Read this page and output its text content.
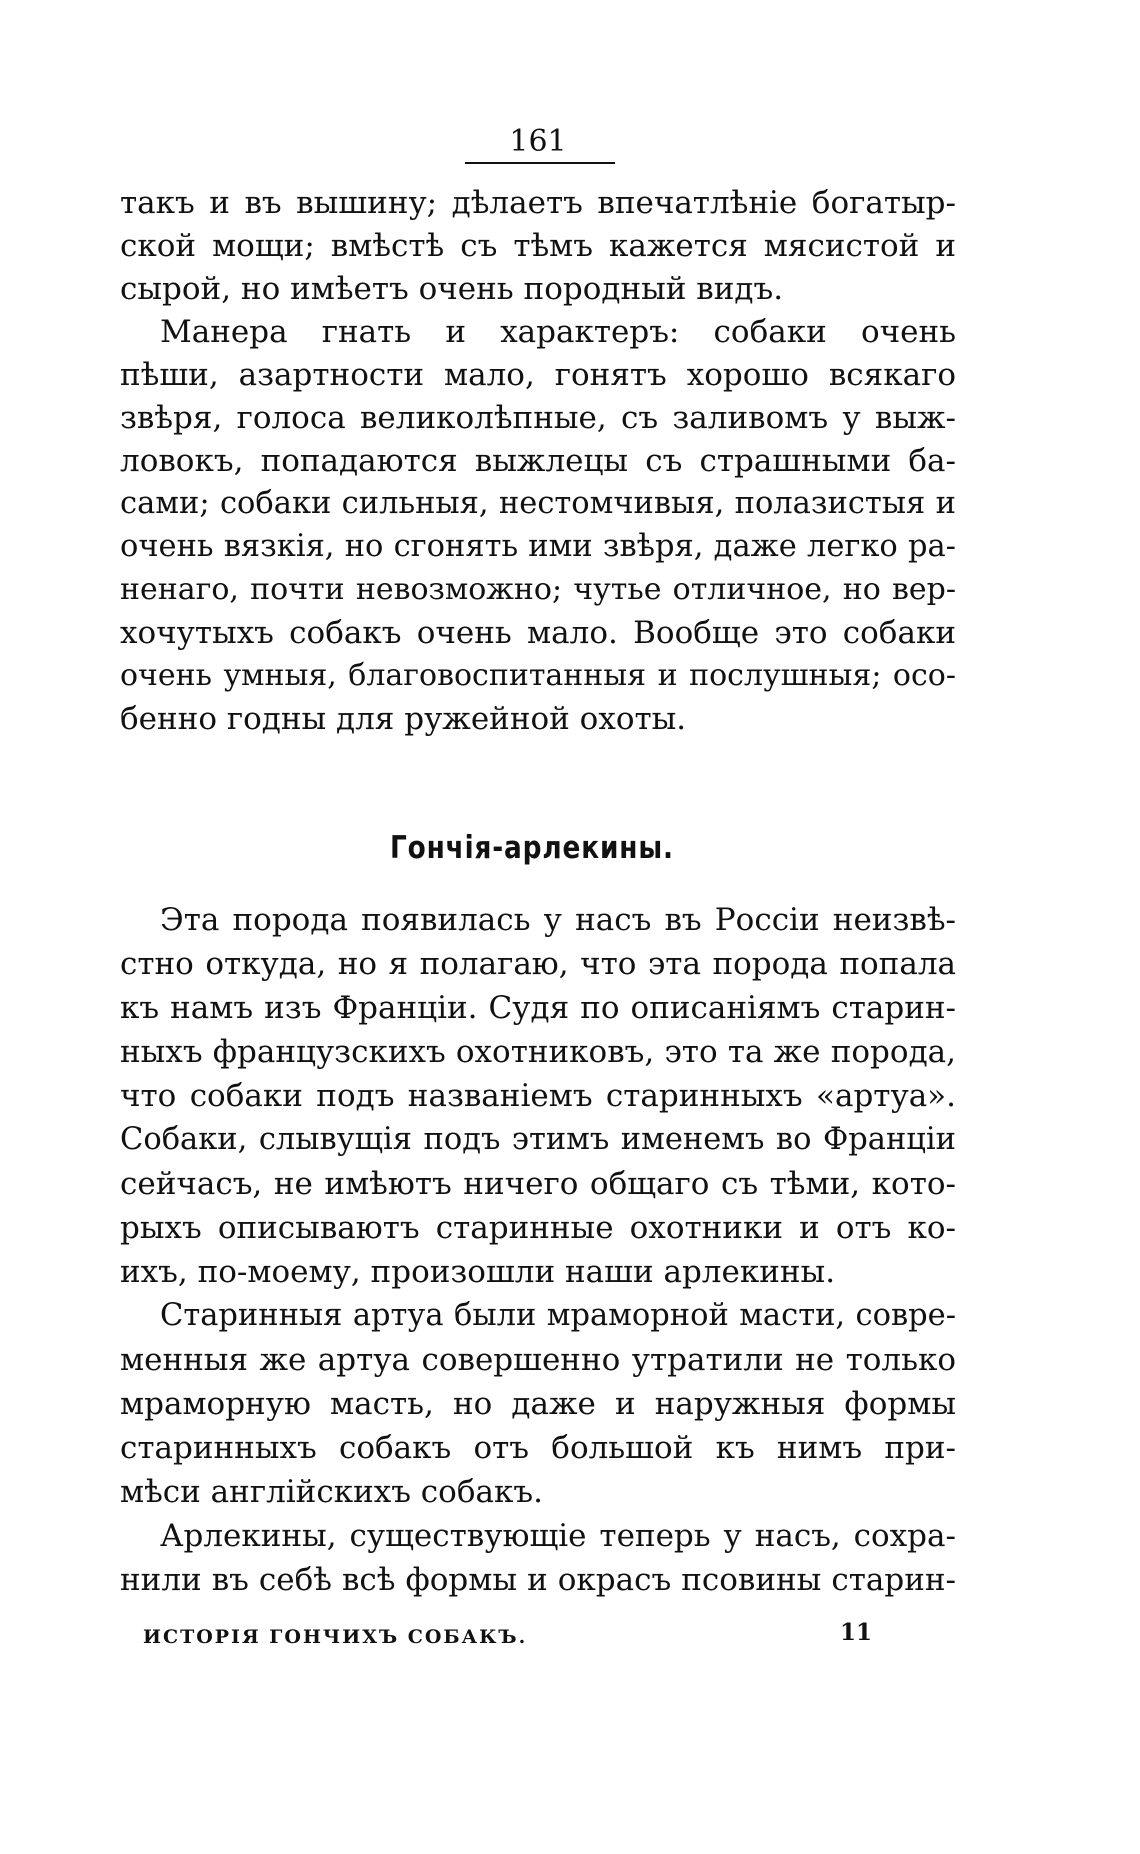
161
такъ и въ вышину; дѣлаетъ впечатлѣніе богатыр-
ской мощи; вмѣстѣ съ тѣмъ кажется мясистой и
сырой, но имѣетъ очень породный видъ.
Манера гнать и характеръ: собаки очень
пѣши, азартности мало, гонятъ хорошо всякаго
звѣря, голоса великолѣпные, съ заливомъ у выж-
ловокъ, попадаются выжлецы съ страшными ба-
сами; собаки сильныя, нестомчивыя, полазистыя и
очень вязкія, но сгонять ими звѣря, даже легко ра-
ненаго, почти невозможно; чутье отличное, но вер-
хочутыхъ собакъ очень мало. Вообще это собаки
очень умныя, благовоспитанныя и послушныя; осо-
бенно годны для ружейной охоты.
Гончія-арлекины.
Эта порода появилась у насъ въ Россіи неизвѣ-
стно откуда, но я полагаю, что эта порода попала
къ намъ изъ Франціи. Судя по описаніямъ старин-
ныхъ французскихъ охотниковъ, это та же порода,
что собаки подъ названіемъ старинныхъ «артуа».
Собаки, слывущія подъ этимъ именемъ во Франціи
сейчасъ, не имѣютъ ничего общаго съ тѣми, кото-
рыхъ описываютъ старинные охотники и отъ ко-
ихъ, по-моему, произошли наши арлекины.
Старинныя артуа были мраморной масти, совре-
менныя же артуа совершенно утратили не только
мраморную масть, но даже и наружныя формы
старинныхъ собакъ отъ большой къ нимъ при-
мѣси англійскихъ собакъ.
Арлекины, существующіе теперь у насъ, сохра-
нили въ себѣ всѣ формы и окрасъ псовины старин-
ИСТОРІЯ ГОНЧИХЪ СОБАКЪ.	11
